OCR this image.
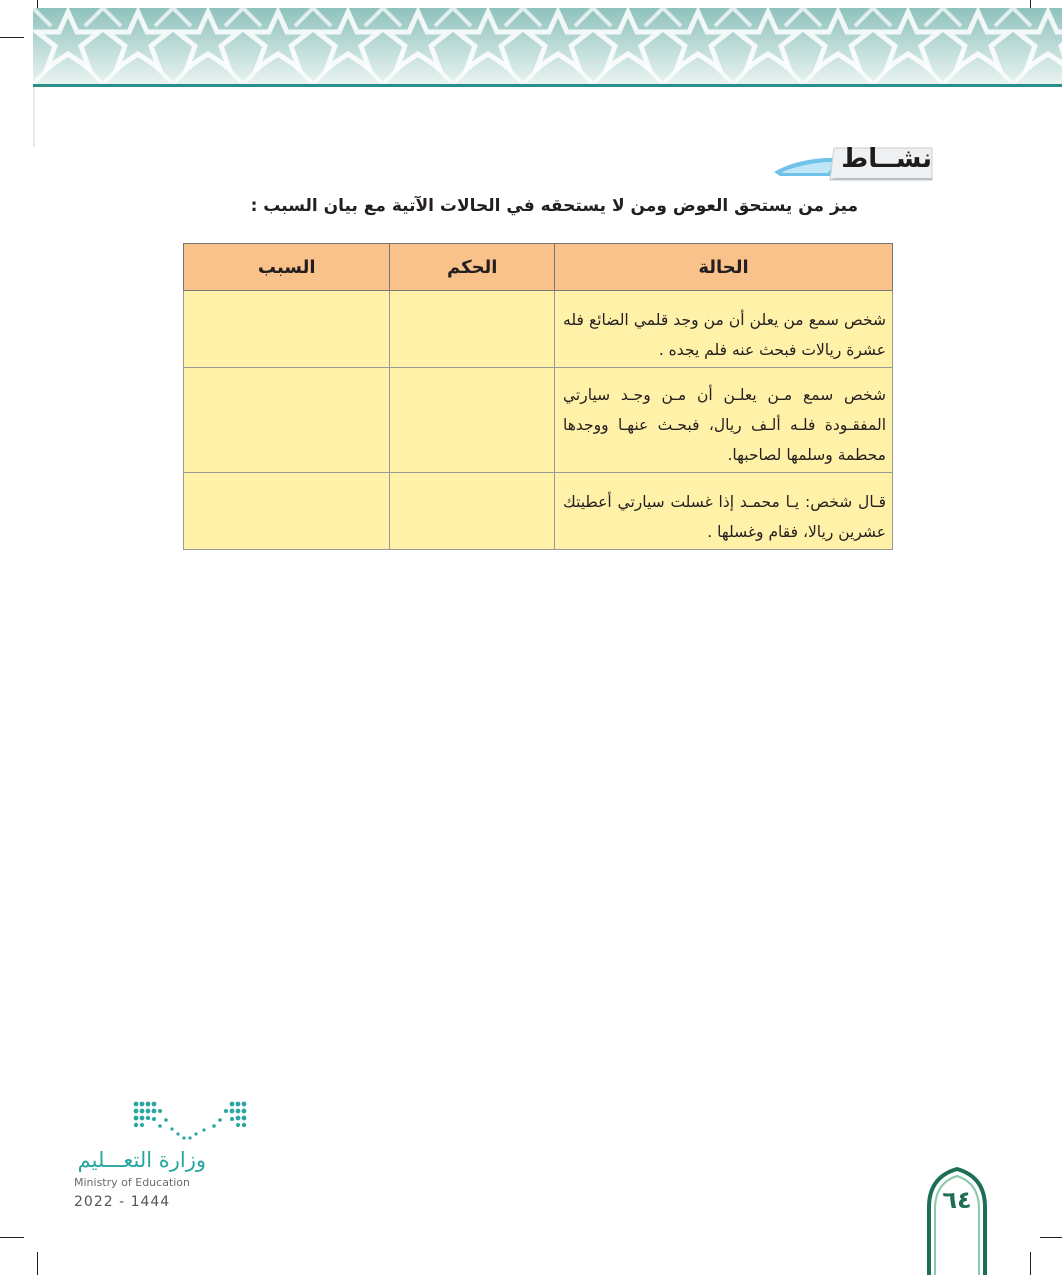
نشــاط
ميز من يستحق العوض ومن لا يستحقه في الحالات الآتية مع بيان السبب :
الحالة	الحكم	السبب
شخص سمع من يعلن أن من وجد قلمي الضائع فله عشرة ريالات فبحث عنه فلم يجده .		
شخص سمع مـن يعلـن أن مـن وجـد سيارتي المفقـودة فلـه ألـف ريال، فبحـث عنهـا ووجدها محطمة وسلمها لصاحبها.		
قـال شخص: يـا محمـد إذا غسلت سيارتي أعطيتك عشرين ريالا، فقام وغسلها .		
وزارة التعـــليم
Ministry of Education
2022 - 1444	٦٤
